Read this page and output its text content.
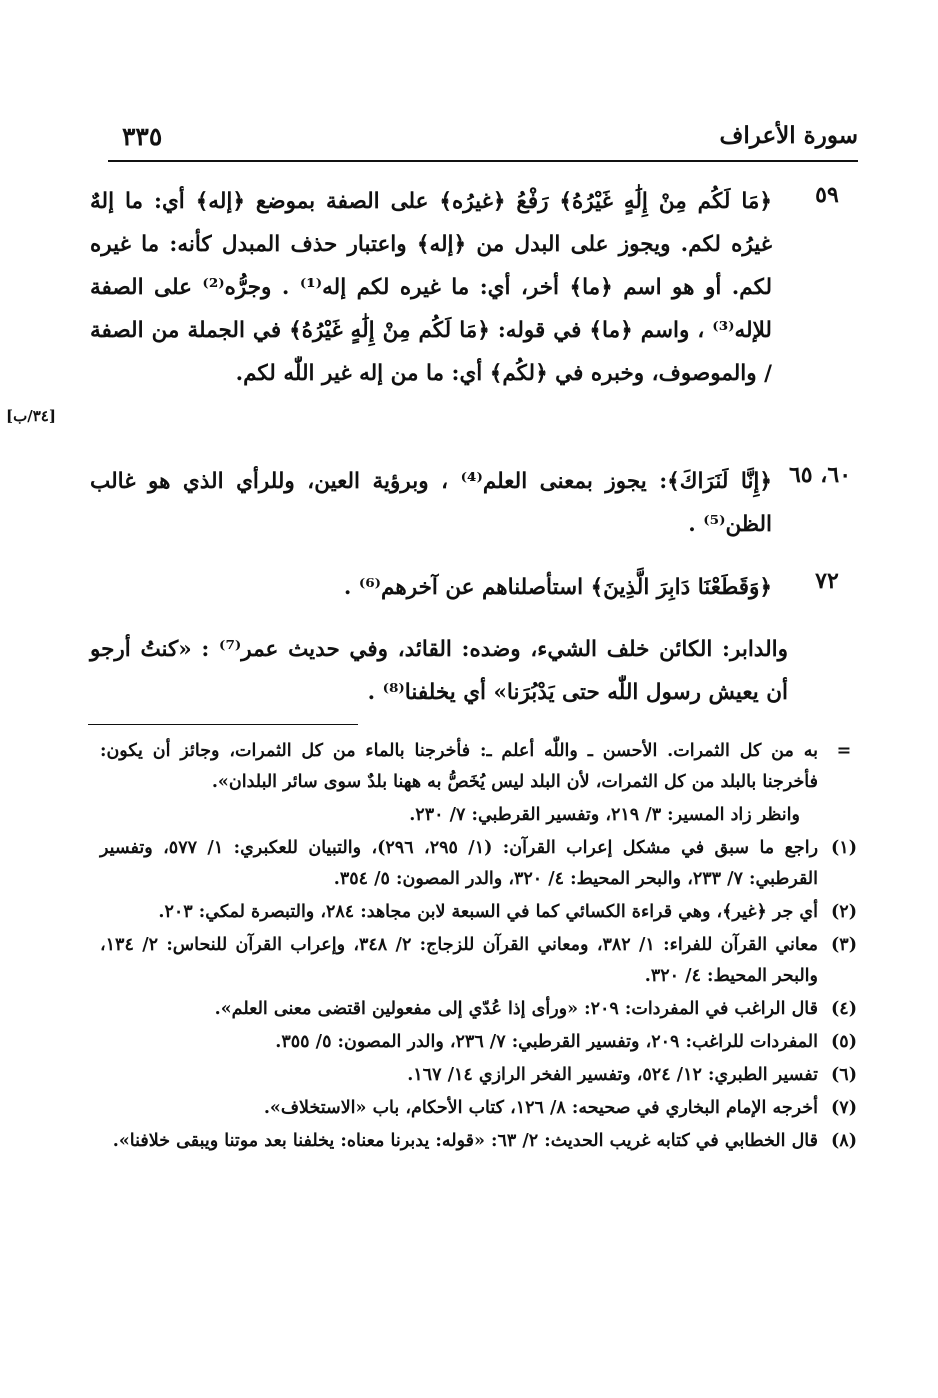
سورة الأعراف
٣٣٥
٥٩
﴿مَا لَكُم مِنْ إِلَٰهٍ غَيْرُهُ﴾ رَفْعُ ﴿غيرُه﴾ على الصفة بموضع ﴿إله﴾ أي: ما إلهٌ غيرُه لكم. ويجوز على البدل من ﴿إله﴾ واعتبار حذف المبدل كأنه: ما غيره لكم. أو هو اسم ﴿ما﴾ أخر، أي: ما غيره لكم إله⁽¹⁾ . وجرُّه⁽²⁾ على الصفة للإله⁽³⁾ ، واسم ﴿ما﴾ في قوله: ﴿مَا لَكُم مِنْ إِلَٰهٍ غَيْرُهُ﴾ في الجملة من الصفة / والموصوف، وخبره في ﴿لكُم﴾ أي: ما من إله غير اللّٰه لكم.
[٣٤/ب]
٦٠، ٦٥
﴿إِنَّا لَنَرَاكَ﴾: يجوز بمعنى العلم⁽⁴⁾ ، وبرؤية العين، وللرأي الذي هو غالب الظن⁽⁵⁾ .
٧٢
﴿وَقَطَعْنَا دَابِرَ الَّذِينَ﴾ استأصلناهم عن آخرهم⁽⁶⁾ .
والدابر: الكائن خلف الشيء، وضده: القائد، وفي حديث عمر⁽⁷⁾ : «كنتُ أرجو أن يعيش رسول اللّٰه حتى يَدْبُرَنا» أي يخلفنا⁽⁸⁾ .
=
به من كل الثمرات. الأحسن ـ واللّٰه أعلم ـ: فأخرجنا بالماء من كل الثمرات، وجائز أن يكون: فأخرجنا بالبلد من كل الثمرات، لأن البلد ليس يُخَصُّ به ههنا بلدٌ سوى سائر البلدان».
وانظر زاد المسير: ٣/ ٢١٩، وتفسير القرطبي: ٧/ ٢٣٠.
(١)
راجع ما سبق في مشكل إعراب القرآن: (١/ ٢٩٥، ٢٩٦)، والتبيان للعكبري: ١/ ٥٧٧، وتفسير القرطبي: ٧/ ٢٣٣، والبحر المحيط: ٤/ ٣٢٠، والدر المصون: ٥/ ٣٥٤.
(٢)
أي جر ﴿غير﴾، وهي قراءة الكسائي كما في السبعة لابن مجاهد: ٢٨٤، والتبصرة لمكي: ٢٠٣.
(٣)
معاني القرآن للفراء: ١/ ٣٨٢، ومعاني القرآن للزجاج: ٢/ ٣٤٨، وإعراب القرآن للنحاس: ٢/ ١٣٤، والبحر المحيط: ٤/ ٣٢٠.
(٤)
قال الراغب في المفردات: ٢٠٩: «ورأى إذا عُدّي إلى مفعولين اقتضى معنى العلم».
(٥)
المفردات للراغب: ٢٠٩، وتفسير القرطبي: ٧/ ٢٣٦، والدر المصون: ٥/ ٣٥٥.
(٦)
تفسير الطبري: ١٢/ ٥٢٤، وتفسير الفخر الرازي ١٤/ ١٦٧.
(٧)
أخرجه الإمام البخاري في صحيحه: ٨/ ١٢٦، كتاب الأحكام، باب «الاستخلاف».
(٨)
قال الخطابي في كتابه غريب الحديث: ٢/ ٦٣: «قوله: يدبرنا معناه: يخلفنا بعد موتنا ويبقى خلافنا».
